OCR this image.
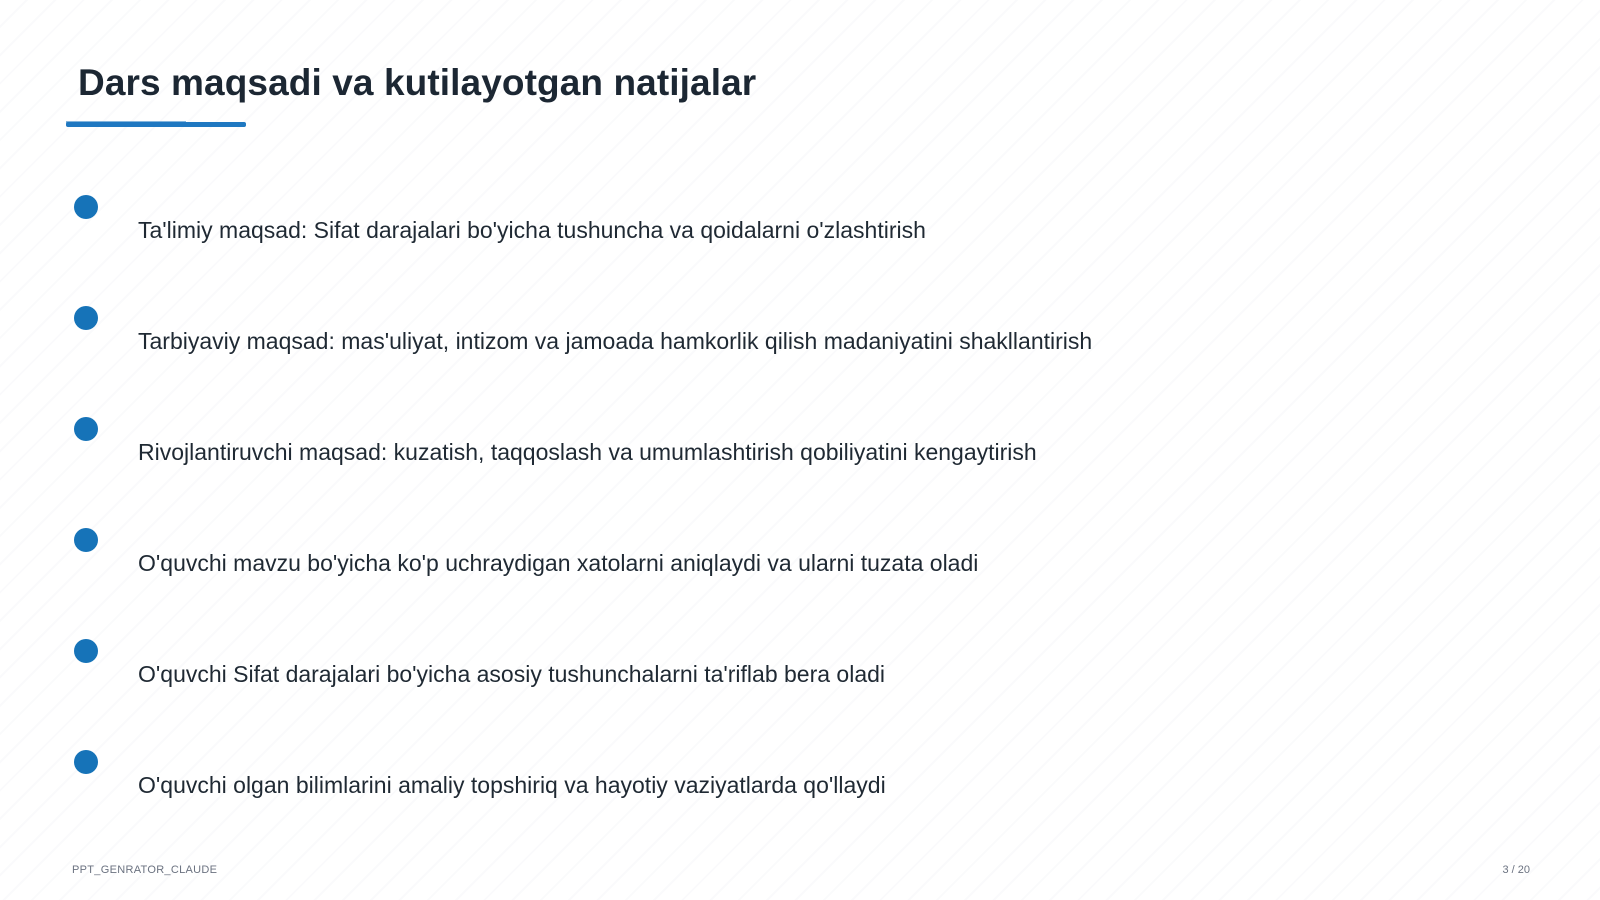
Dars maqsadi va kutilayotgan natijalar
Ta'limiy maqsad: Sifat darajalari bo'yicha tushuncha va qoidalarni o'zlashtirish
Tarbiyaviy maqsad: mas'uliyat, intizom va jamoada hamkorlik qilish madaniyatini shakllantirish
Rivojlantiruvchi maqsad: kuzatish, taqqoslash va umumlashtirish qobiliyatini kengaytirish
O'quvchi mavzu bo'yicha ko'p uchraydigan xatolarni aniqlaydi va ularni tuzata oladi
O'quvchi Sifat darajalari bo'yicha asosiy tushunchalarni ta'riflab bera oladi
O'quvchi olgan bilimlarini amaliy topshiriq va hayotiy vaziyatlarda qo'llaydi
PPT_GENRATOR_CLAUDE	3 / 20
